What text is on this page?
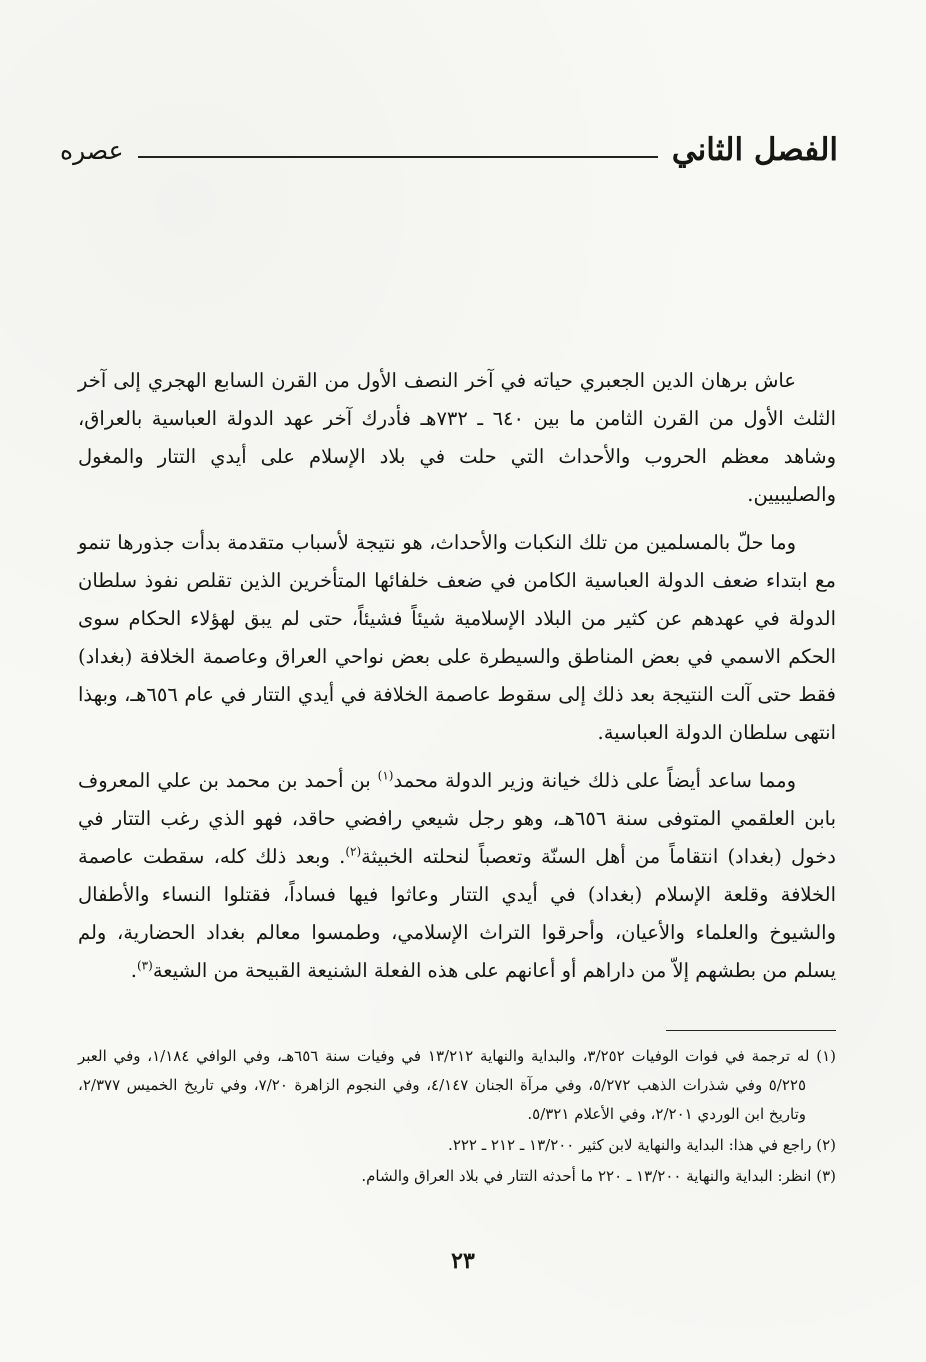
الفصل الثاني
عصره

عاش برهان الدين الجعبري حياته في آخر النصف الأول من القرن السابع الهجري إلى آخر الثلث الأول من القرن الثامن ما بين ٦٤٠ ـ ٧٣٢هـ فأدرك آخر عهد الدولة العباسية بالعراق، وشاهد معظم الحروب والأحداث التي حلت في بلاد الإسلام على أيدي التتار والمغول والصليبيين.

وما حلّ بالمسلمين من تلك النكبات والأحداث، هو نتيجة لأسباب متقدمة بدأت جذورها تنمو مع ابتداء ضعف الدولة العباسية الكامن في ضعف خلفائها المتأخرين الذين تقلص نفوذ سلطان الدولة في عهدهم عن كثير من البلاد الإسلامية شيئاً فشيئاً، حتى لم يبق لهؤلاء الحكام سوى الحكم الاسمي في بعض المناطق والسيطرة على بعض نواحي العراق وعاصمة الخلافة (بغداد) فقط حتى آلت النتيجة بعد ذلك إلى سقوط عاصمة الخلافة في أيدي التتار في عام ٦٥٦هـ، وبهذا انتهى سلطان الدولة العباسية.

ومما ساعد أيضاً على ذلك خيانة وزير الدولة محمد$^{(١)}$ بن أحمد بن محمد بن علي المعروف بابن العلقمي المتوفى سنة ٦٥٦هـ، وهو رجل شيعي رافضي حاقد، فهو الذي رغب التتار في دخول (بغداد) انتقاماً من أهل السنّة وتعصباً لنحلته الخبيثة$^{(٢)}$. وبعد ذلك كله، سقطت عاصمة الخلافة وقلعة الإسلام (بغداد) في أيدي التتار وعاثوا فيها فساداً، فقتلوا النساء والأطفال والشيوخ والعلماء والأعيان، وأحرقوا التراث الإسلامي، وطمسوا معالم بغداد الحضارية، ولم يسلم من بطشهم إلاّ من داراهم أو أعانهم على هذه الفعلة الشنيعة القبيحة من الشيعة$^{(٣)}$.

(١) له ترجمة في فوات الوفيات ٣/٢٥٢، والبداية والنهاية ١٣/٢١٢ في وفيات سنة ٦٥٦هـ، وفي الوافي ١/١٨٤، وفي العبر ٥/٢٢٥ وفي شذرات الذهب ٥/٢٧٢، وفي مرآة الجنان ٤/١٤٧، وفي النجوم الزاهرة ٧/٢٠، وفي تاريخ الخميس ٢/٣٧٧، وتاريخ ابن الوردي ٢/٢٠١، وفي الأعلام ٥/٣٢١.

(٢) راجع في هذا: البداية والنهاية لابن كثير ١٣/٢٠٠ ـ ٢١٢ ـ ٢٢٢.

(٣) انظر: البداية والنهاية ١٣/٢٠٠ ـ ٢٢٠ ما أحدثه التتار في بلاد العراق والشام.

٢٣
